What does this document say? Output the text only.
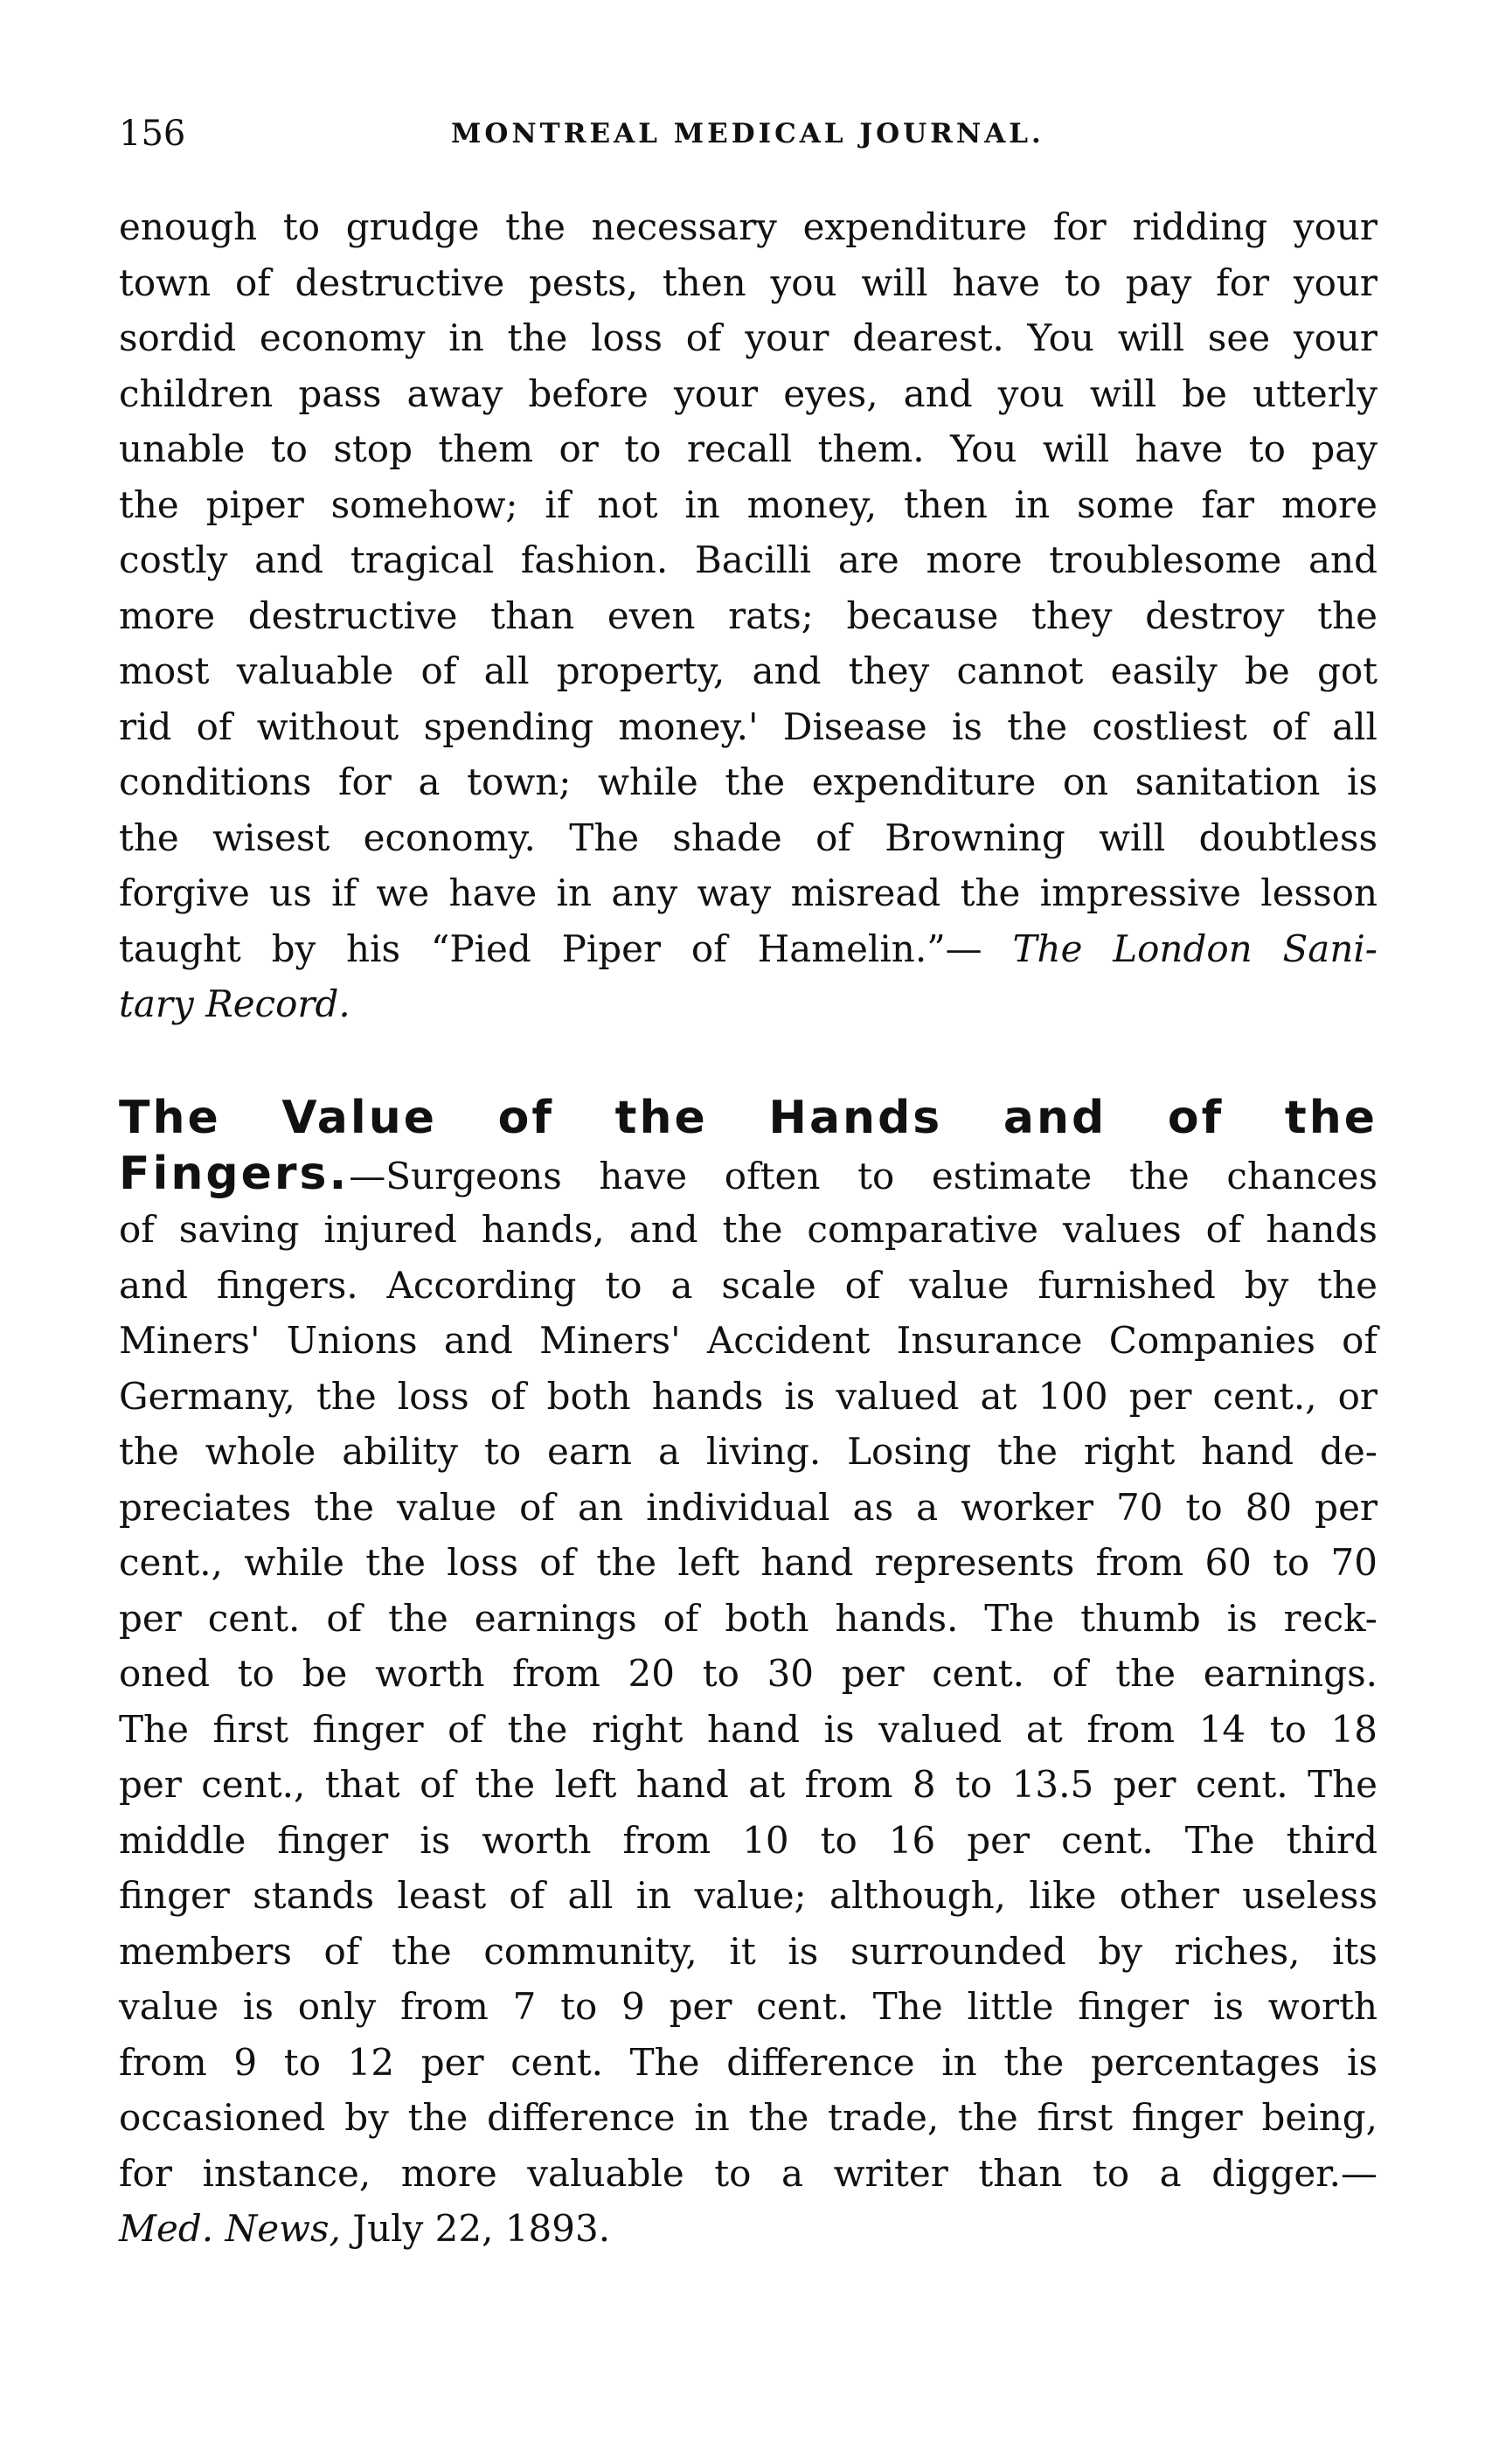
156	MONTREAL MEDICAL JOURNAL.
enough to grudge the necessary expenditure for ridding your
town of destructive pests, then you will have to pay for your
sordid economy in the loss of your dearest. You will see your
children pass away before your eyes, and you will be utterly
unable to stop them or to recall them. You will have to pay
the piper somehow; if not in money, then in some far more
costly and tragical fashion. Bacilli are more troublesome and
more destructive than even rats; because they destroy the
most valuable of all property, and they cannot easily be got
rid of without spending money.' Disease is the costliest of all
conditions for a town; while the expenditure on sanitation is
the wisest economy. The shade of Browning will doubtless
forgive us if we have in any way misread the impressive lesson
taught by his “Pied Piper of Hamelin.”— The London Sani-
tary Record.
The Value of the Hands and of the
Fingers.—Surgeons have often to estimate the chances
of saving injured hands, and the comparative values of hands
and fingers. According to a scale of value furnished by the
Miners' Unions and Miners' Accident Insurance Companies of
Germany, the loss of both hands is valued at 100 per cent., or
the whole ability to earn a living. Losing the right hand de-
preciates the value of an individual as a worker 70 to 80 per
cent., while the loss of the left hand represents from 60 to 70
per cent. of the earnings of both hands. The thumb is reck-
oned to be worth from 20 to 30 per cent. of the earnings.
The first finger of the right hand is valued at from 14 to 18
per cent., that of the left hand at from 8 to 13.5 per cent. The
middle finger is worth from 10 to 16 per cent. The third
finger stands least of all in value; although, like other useless
members of the community, it is surrounded by riches, its
value is only from 7 to 9 per cent. The little finger is worth
from 9 to 12 per cent. The difference in the percentages is
occasioned by the difference in the trade, the first finger being,
for instance, more valuable to a writer than to a digger.—
Med. News, July 22, 1893.
